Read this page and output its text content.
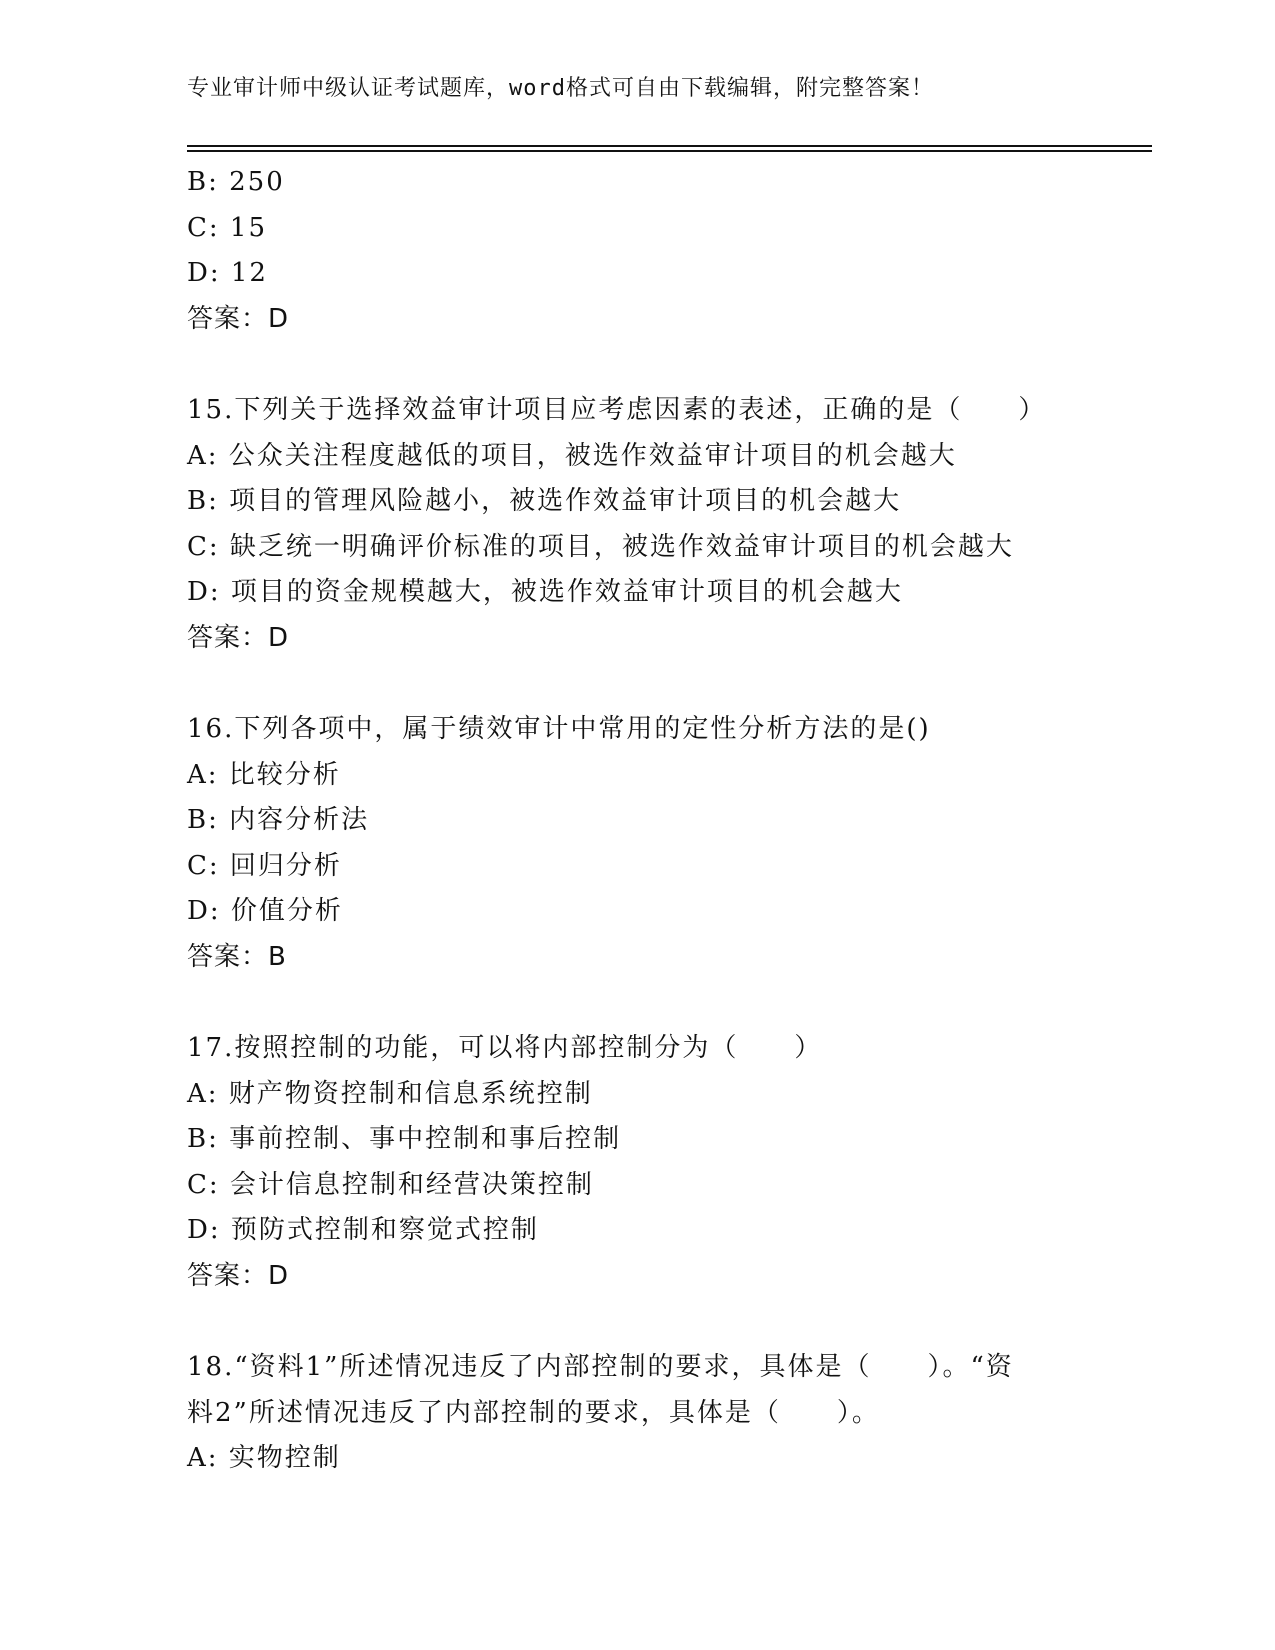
专业审计师中级认证考试题库，word格式可自由下载编辑，附完整答案！
B: 250
C: 15
D: 12
答案：D
15.下列关于选择效益审计项目应考虑因素的表述，正确的是（　　）
A: 公众关注程度越低的项目，被选作效益审计项目的机会越大
B: 项目的管理风险越小，被选作效益审计项目的机会越大
C: 缺乏统一明确评价标准的项目，被选作效益审计项目的机会越大
D: 项目的资金规模越大，被选作效益审计项目的机会越大
答案：D
16.下列各项中，属于绩效审计中常用的定性分析方法的是()
A: 比较分析
B: 内容分析法
C: 回归分析
D: 价值分析
答案：B
17.按照控制的功能，可以将内部控制分为（　　）
A: 财产物资控制和信息系统控制
B: 事前控制、事中控制和事后控制
C: 会计信息控制和经营决策控制
D: 预防式控制和察觉式控制
答案：D
18.“资料1”所述情况违反了内部控制的要求，具体是（　　）。“资
料2”所述情况违反了内部控制的要求，具体是（　　）。
A: 实物控制
